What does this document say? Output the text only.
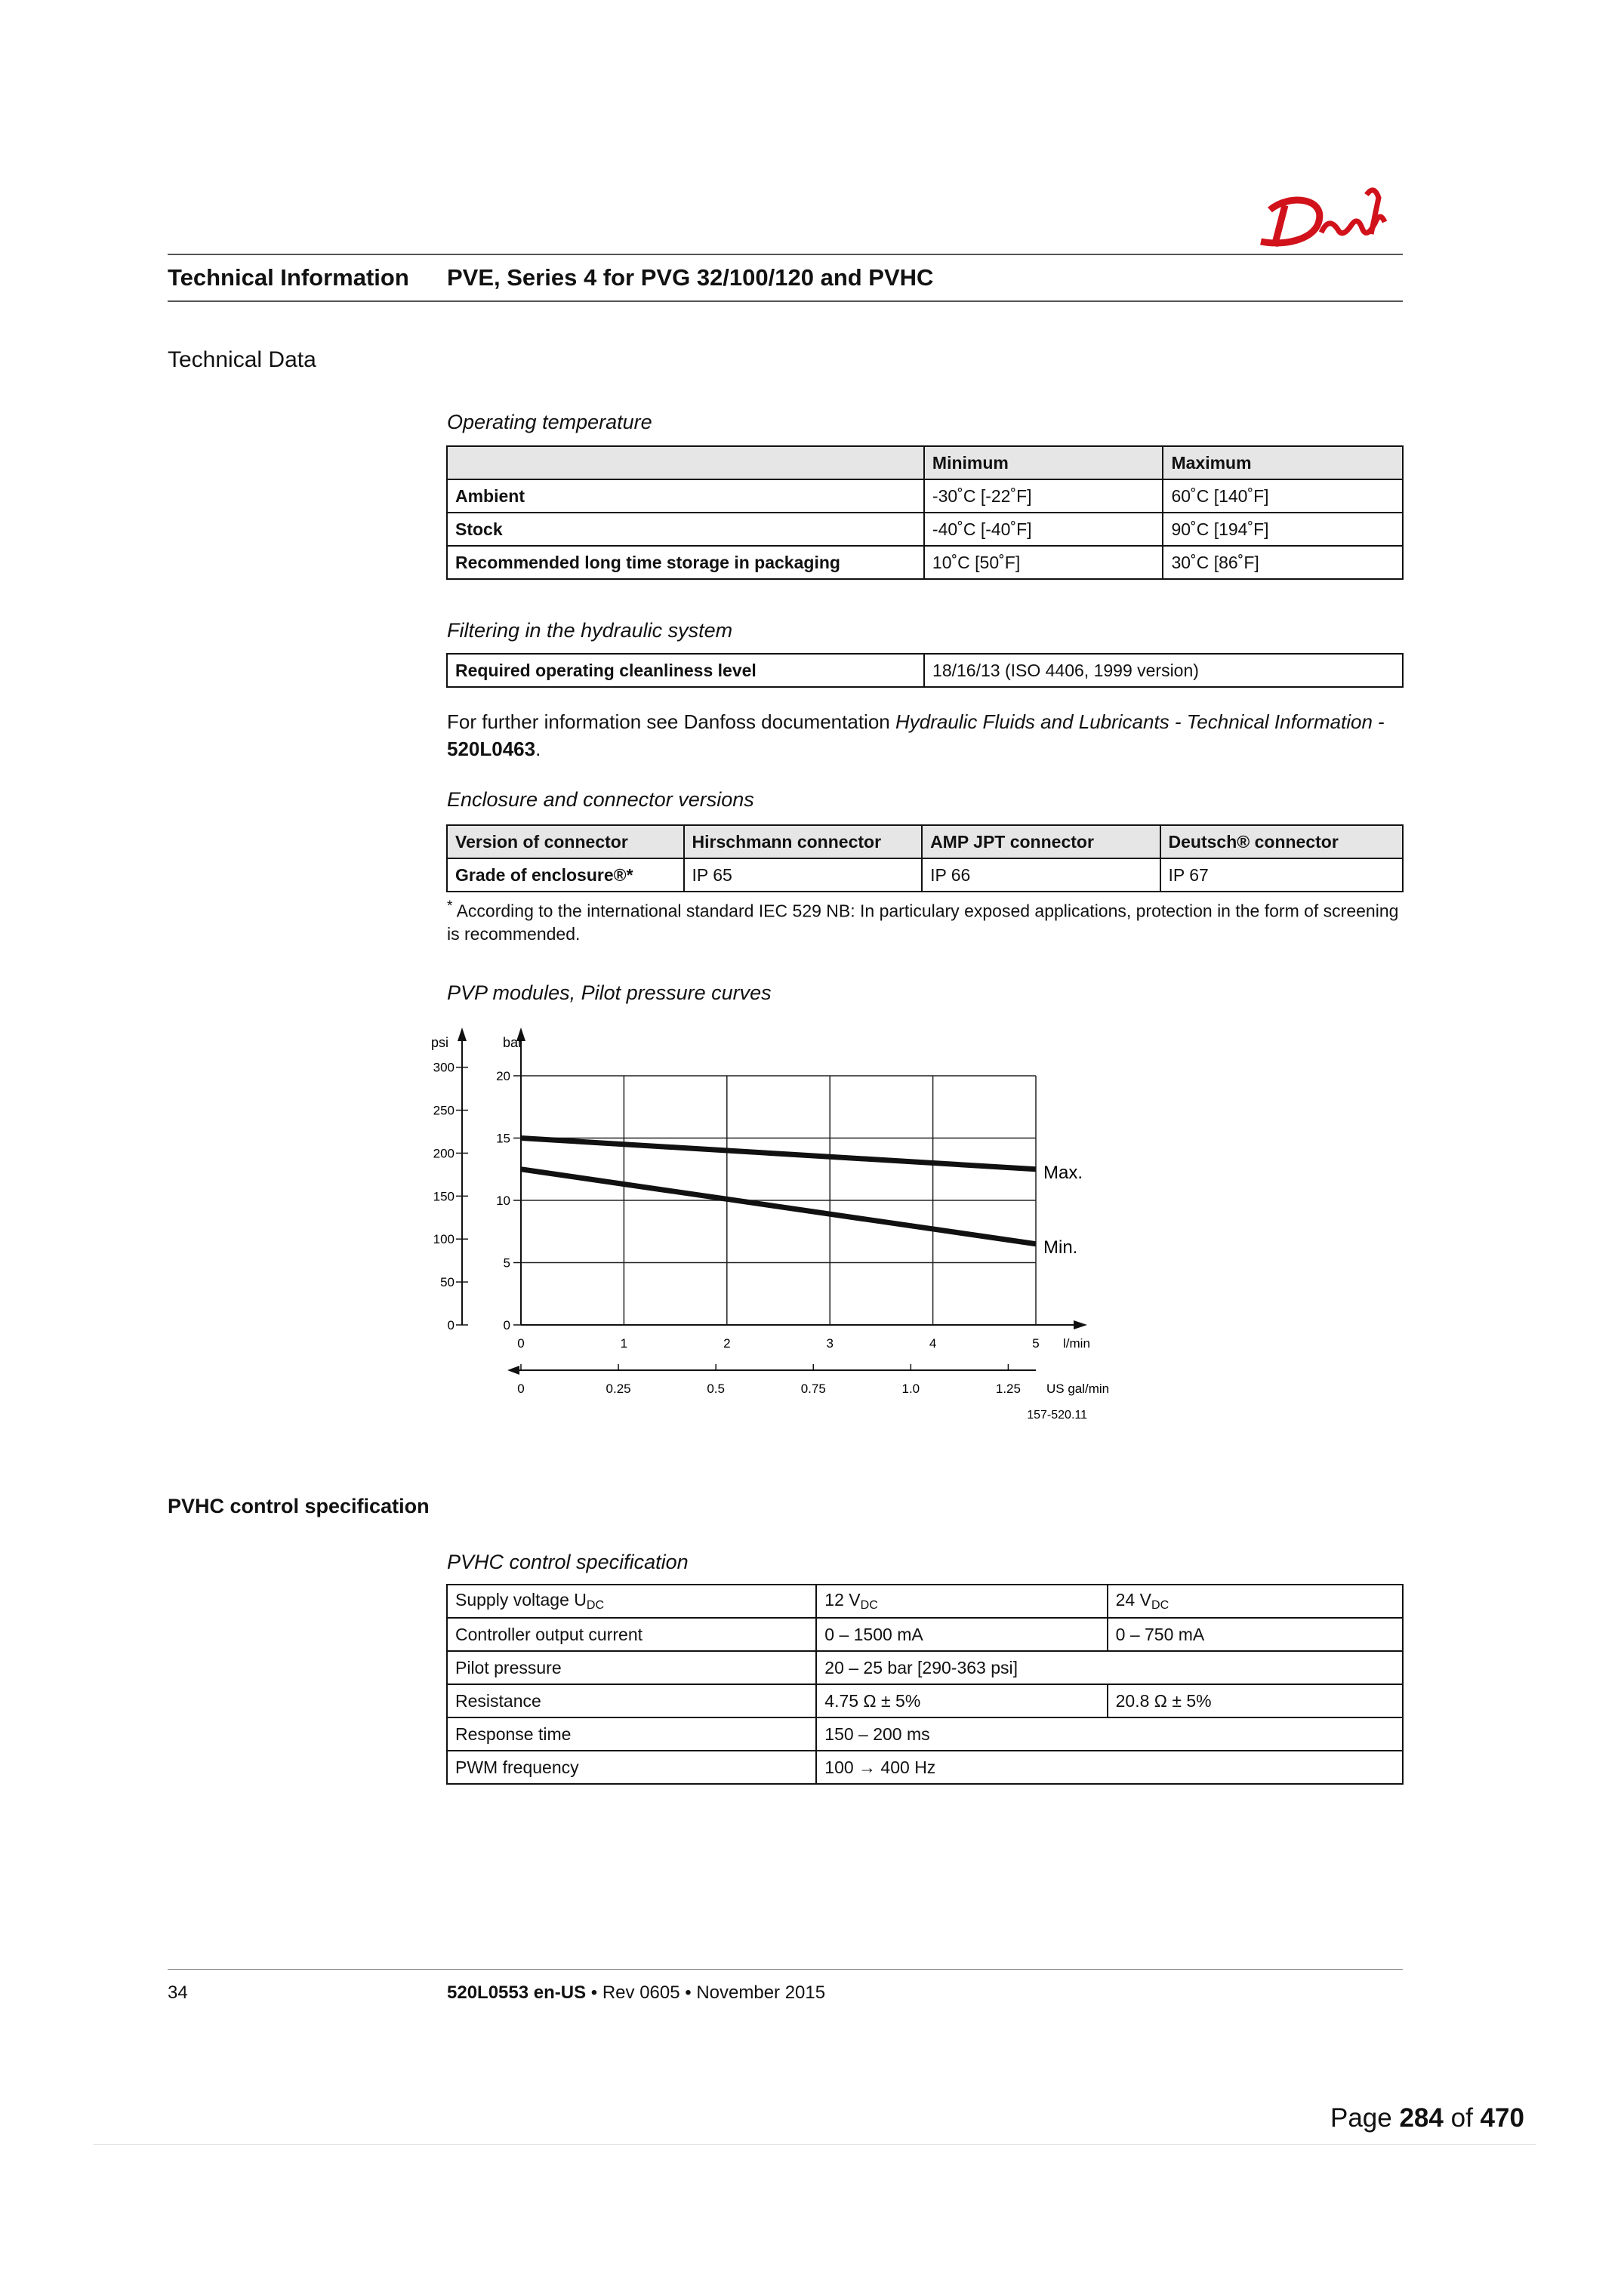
Technical Information PVE, Series 4 for PVG 32/100/120 and PVHC
Technical Data
Operating temperature
	Minimum	Maximum
Ambient	-30˚C [-22˚F]	60˚C [140˚F]
Stock	-40˚C [-40˚F]	90˚C [194˚F]
Recommended long time storage in packaging	10˚C [50˚F]	30˚C [86˚F]
Filtering in the hydraulic system
Required operating cleanliness level	18/16/13 (ISO 4406, 1999 version)
For further information see Danfoss documentation Hydraulic Fluids and Lubricants - Technical Information - 520L0463.
Enclosure and connector versions
Version of connector	Hirschmann connector	AMP JPT connector	Deutsch® connector
Grade of enclosure®*	IP 65	IP 66	IP 67
* According to the international standard IEC 529 NB: In particulary exposed applications, protection in the form of screening is recommended.
PVP modules, Pilot pressure curves
bar
0
5
10
15
20
psi
0
50
100
150
200
250
300
0	1	2	3	4	5 l/min
0	0.25	0.5	0.75	1.0	1.25 US gal/min
Max.
Min.
157-520.11
PVHC control specification
PVHC control specification
Supply voltage $U_{DC}$	12 $V_{DC}$	24 $V_{DC}$
Controller output current	0 – 1500 mA	0 – 750 mA
Pilot pressure	20 – 25 bar [290-363 psi]	
Resistance	4.75 Ω ± 5%	20.8 Ω ± 5%
Response time	150 – 200 ms	
PWM frequency	100 → 400 Hz	
34	520L0553 en-US • Rev 0605 • November 2015
Page 284 of 470
